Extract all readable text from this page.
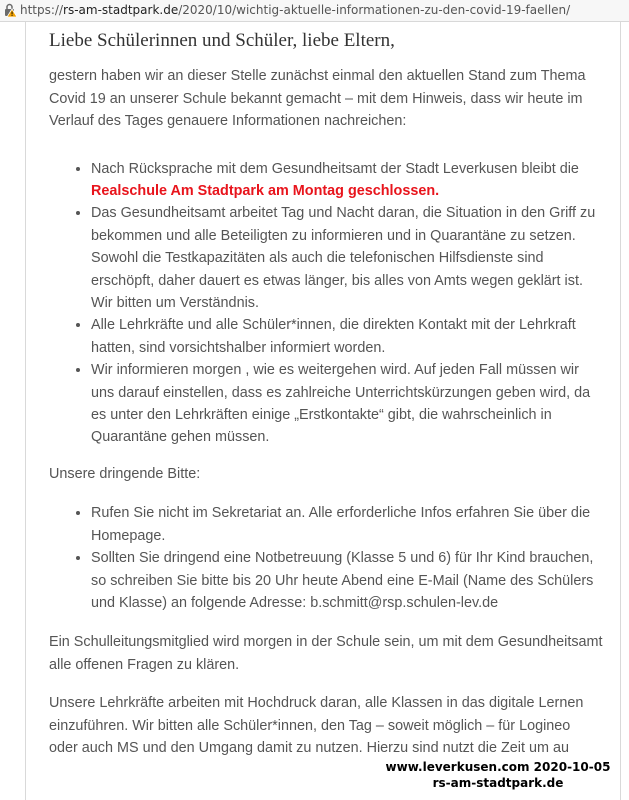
https://rs-am-stadtpark.de/2020/10/wichtig-aktuelle-informationen-zu-den-covid-19-faellen/
Liebe Schülerinnen und Schüler, liebe Eltern,

gestern haben wir an dieser Stelle zunächst einmal den aktuellen Stand zum Thema Covid 19 an unserer Schule bekannt gemacht – mit dem Hinweis, dass wir heute im Verlauf des Tages genauere Informationen nachreichen:

• Nach Rücksprache mit dem Gesundheitsamt der Stadt Leverkusen bleibt die Realschule Am Stadtpark am Montag geschlossen.
• Das Gesundheitsamt arbeitet Tag und Nacht daran, die Situation in den Griff zu bekommen und alle Beteiligten zu informieren und in Quarantäne zu setzen. Sowohl die Testkapazitäten als auch die telefonischen Hilfsdienste sind erschöpft, daher dauert es etwas länger, bis alles von Amts wegen geklärt ist. Wir bitten um Verständnis.
• Alle Lehrkräfte und alle Schüler*innen, die direkten Kontakt mit der Lehrkraft hatten, sind vorsichtshalber informiert worden.
• Wir informieren morgen , wie es weitergehen wird. Auf jeden Fall müssen wir uns darauf einstellen, dass es zahlreiche Unterrichtskürzungen geben wird, da es unter den Lehrkräften einige „Erstkontakte“ gibt, die wahrscheinlich in Quarantäne gehen müssen.

Unsere dringende Bitte:

• Rufen Sie nicht im Sekretariat an. Alle erforderliche Infos erfahren Sie über die Homepage.
• Sollten Sie dringend eine Notbetreuung (Klasse 5 und 6) für Ihr Kind brauchen, so schreiben Sie bitte bis 20 Uhr heute Abend eine E-Mail (Name des Schülers und Klasse) an folgende Adresse: b.schmitt@rsp.schulen-lev.de

Ein Schulleitungsmitglied wird morgen in der Schule sein, um mit dem Gesundheitsamt alle offenen Fragen zu klären.

Unsere Lehrkräfte arbeiten mit Hochdruck daran, alle Klassen in das digitale Lernen einzuführen. Wir bitten alle Schüler*innen, den Tag – soweit möglich – für Logineo oder auch MS und den Umgang damit zu nutzen. Hierzu sind nutzt die Zeit um au

www.leverkusen.com 2020-10-05
rs-am-stadtpark.de
